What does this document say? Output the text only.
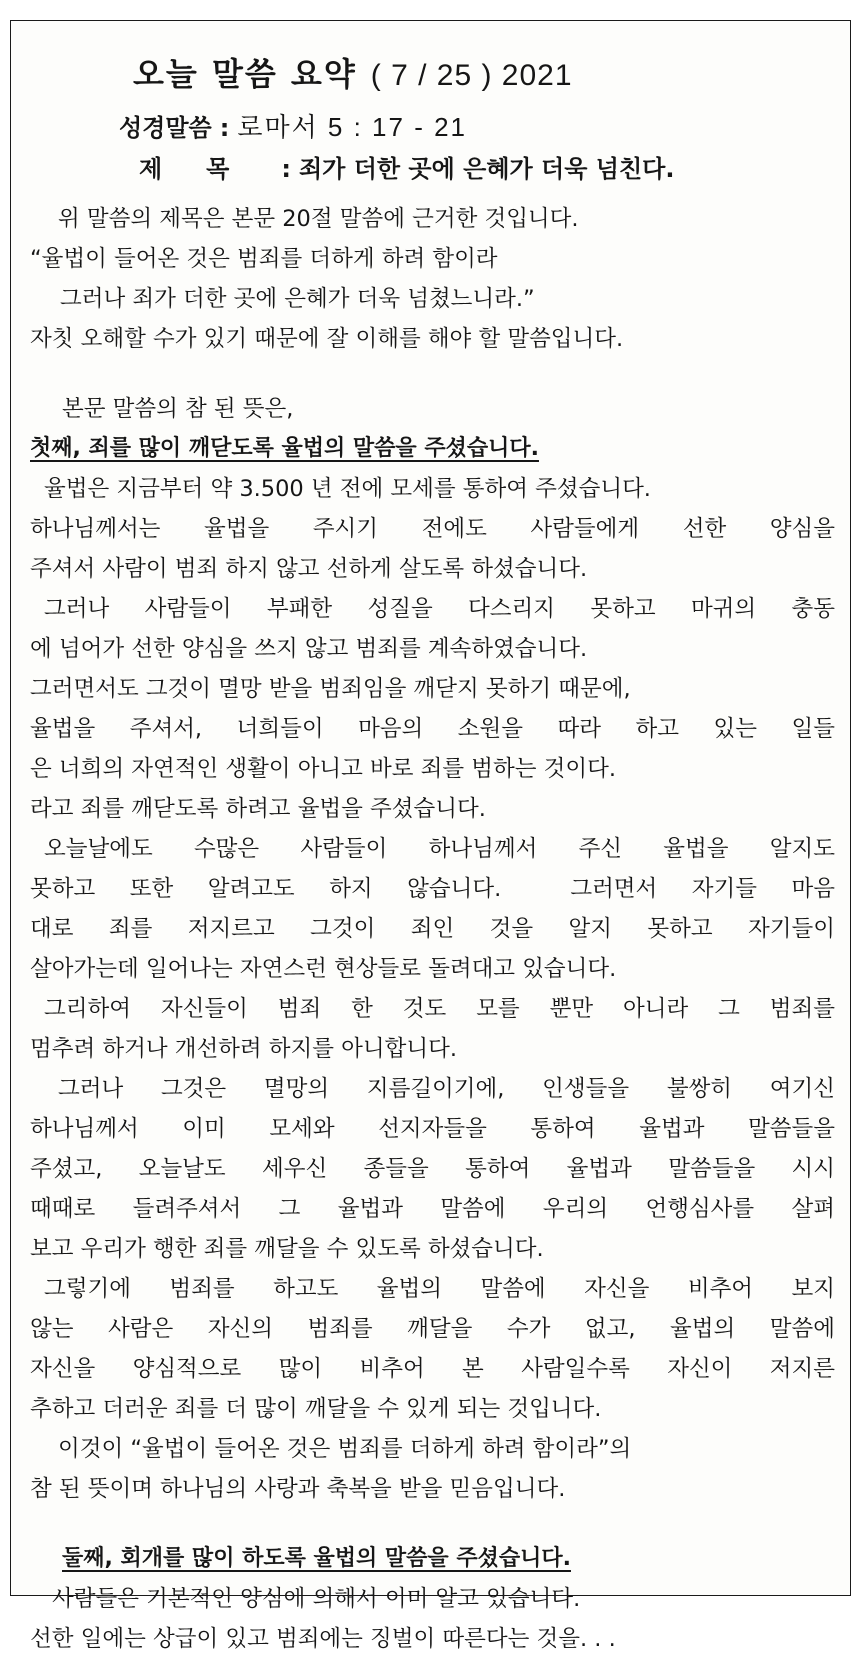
오늘 말씀 요약 ( 7 / 25 ) 2021
성경말씀 : 로마서 5 : 17 - 21
제목 : 죄가 더한 곳에 은혜가 더욱 넘친다.
위 말씀의 제목은 본문 20절 말씀에 근거한 것입니다.
“율법이 들어온 것은 범죄를 더하게 하려 함이라
그러나 죄가 더한 곳에 은혜가 더욱 넘쳤느니라.”
자칫 오해할 수가 있기 때문에 잘 이해를 해야 할 말씀입니다.
본문 말씀의 참 된 뜻은,
첫째, 죄를 많이 깨닫도록 율법의 말씀을 주셨습니다.
율법은 지금부터 약 3.500 년 전에 모세를 통하여 주셨습니다.
하나님께서는 율법을 주시기 전에도 사람들에게 선한 양심을
주셔서 사람이 범죄 하지 않고 선하게 살도록 하셨습니다.
그러나 사람들이 부패한 성질을 다스리지 못하고 마귀의 충동
에 넘어가 선한 양심을 쓰지 않고 범죄를 계속하였습니다.
그러면서도 그것이 멸망 받을 범죄임을 깨닫지 못하기 때문에,
율법을 주셔서, 너희들이 마음의 소원을 따라 하고 있는 일들
은 너희의 자연적인 생활이 아니고 바로 죄를 범하는 것이다.
라고 죄를 깨닫도록 하려고 율법을 주셨습니다.
오늘날에도 수많은 사람들이 하나님께서 주신 율법을 알지도
못하고 또한 알려고도 하지 않습니다.  그러면서 자기들 마음
대로 죄를 저지르고 그것이 죄인 것을 알지 못하고 자기들이
살아가는데 일어나는 자연스런 현상들로 돌려대고 있습니다.
그리하여 자신들이 범죄 한 것도 모를 뿐만 아니라 그 범죄를
멈추려 하거나 개선하려 하지를 아니합니다.
그러나 그것은 멸망의 지름길이기에, 인생들을 불쌍히 여기신
하나님께서 이미 모세와 선지자들을 통하여 율법과 말씀들을
주셨고, 오늘날도 세우신 종들을 통하여 율법과 말씀들을 시시
때때로 들려주셔서 그 율법과 말씀에 우리의 언행심사를 살펴
보고 우리가 행한 죄를 깨달을 수 있도록 하셨습니다.
그렇기에 범죄를 하고도 율법의 말씀에 자신을 비추어 보지
않는 사람은 자신의 범죄를 깨달을 수가 없고, 율법의 말씀에
자신을 양심적으로 많이 비추어 본 사람일수록 자신이 저지른
추하고 더러운 죄를 더 많이 깨달을 수 있게 되는 것입니다.
이것이 “율법이 들어온 것은 범죄를 더하게 하려 함이라”의
참 된 뜻이며 하나님의 사랑과 축복을 받을 믿음입니다.
둘째, 회개를 많이 하도록 율법의 말씀을 주셨습니다.
사람들은 기본적인 양심에 의해서 이미 알고 있습니다.
선한 일에는 상급이 있고 범죄에는 징벌이 따른다는 것을. . .
